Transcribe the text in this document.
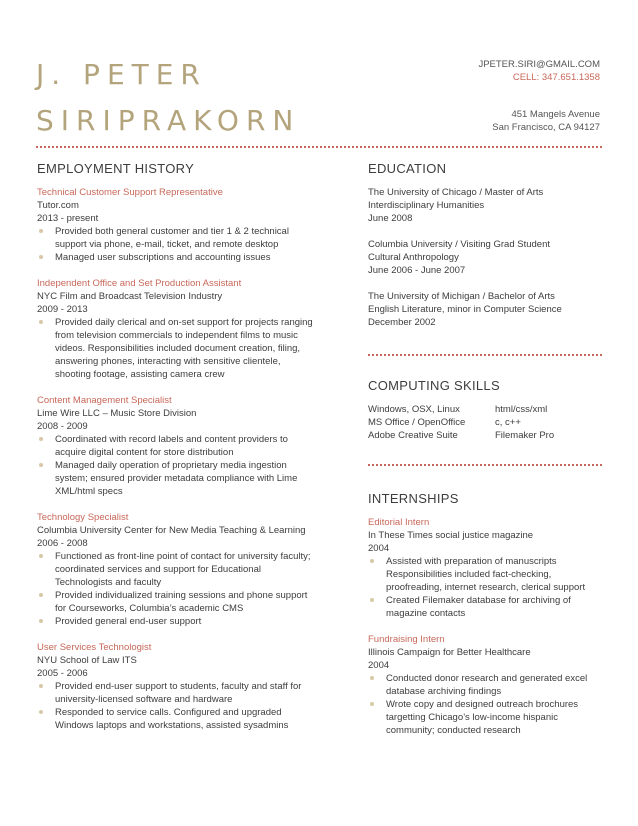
J. PETER
SIRIPRAKORN
JPETER.SIRI@GMAIL.COM
CELL: 347.651.1358
451 Mangels Avenue
San Francisco, CA 94127
EMPLOYMENT HISTORY
Technical Customer Support Representative
Tutor.com
2013 - present
Provided both general customer and tier 1 & 2 technical support via phone, e-mail, ticket, and remote desktop
Managed user subscriptions and accounting issues
Independent Office and Set Production Assistant
NYC Film and Broadcast Television Industry
2009 - 2013
Provided daily clerical and on-set support for projects ranging from television commercials to independent films to music videos. Responsibilities included document creation, filing, answering phones, interacting with sensitive clientele, shooting footage, assisting camera crew
Content Management Specialist
Lime Wire LLC – Music Store Division
2008 - 2009
Coordinated with record labels and content providers to acquire digital content for store distribution
Managed daily operation of proprietary media ingestion system; ensured provider metadata compliance with Lime XML/html specs
Technology Specialist
Columbia University Center for New Media Teaching & Learning
2006 - 2008
Functioned as front-line point of contact for university faculty; coordinated services and support for Educational Technologists and faculty
Provided individualized training sessions and phone support for Courseworks, Columbia’s academic CMS
Provided general end-user support
User Services Technologist
NYU School of Law ITS
2005 - 2006
Provided end-user support to students, faculty and staff for university-licensed software and hardware
Responded to service calls. Configured and upgraded Windows laptops and workstations, assisted sysadmins
EDUCATION
The University of Chicago / Master of Arts
Interdisciplinary Humanities
June 2008
Columbia University / Visiting Grad Student
Cultural Anthropology
June 2006 - June 2007
The University of Michigan / Bachelor of Arts
English Literature, minor in Computer Science
December 2002
COMPUTING SKILLS
Windows, OSX, Linux
MS Office / OpenOffice
Adobe Creative Suite
html/css/xml
c, c++
Filemaker Pro
INTERNSHIPS
Editorial Intern
In These Times social justice magazine
2004
Assisted with preparation of manuscripts Responsibilities included fact-checking, proofreading, internet research, clerical support
Created Filemaker database for archiving of magazine contacts
Fundraising Intern
Illinois Campaign for Better Healthcare
2004
Conducted donor research and generated excel database archiving findings
Wrote copy and designed outreach brochures targetting Chicago’s low-income hispanic community; conducted research
